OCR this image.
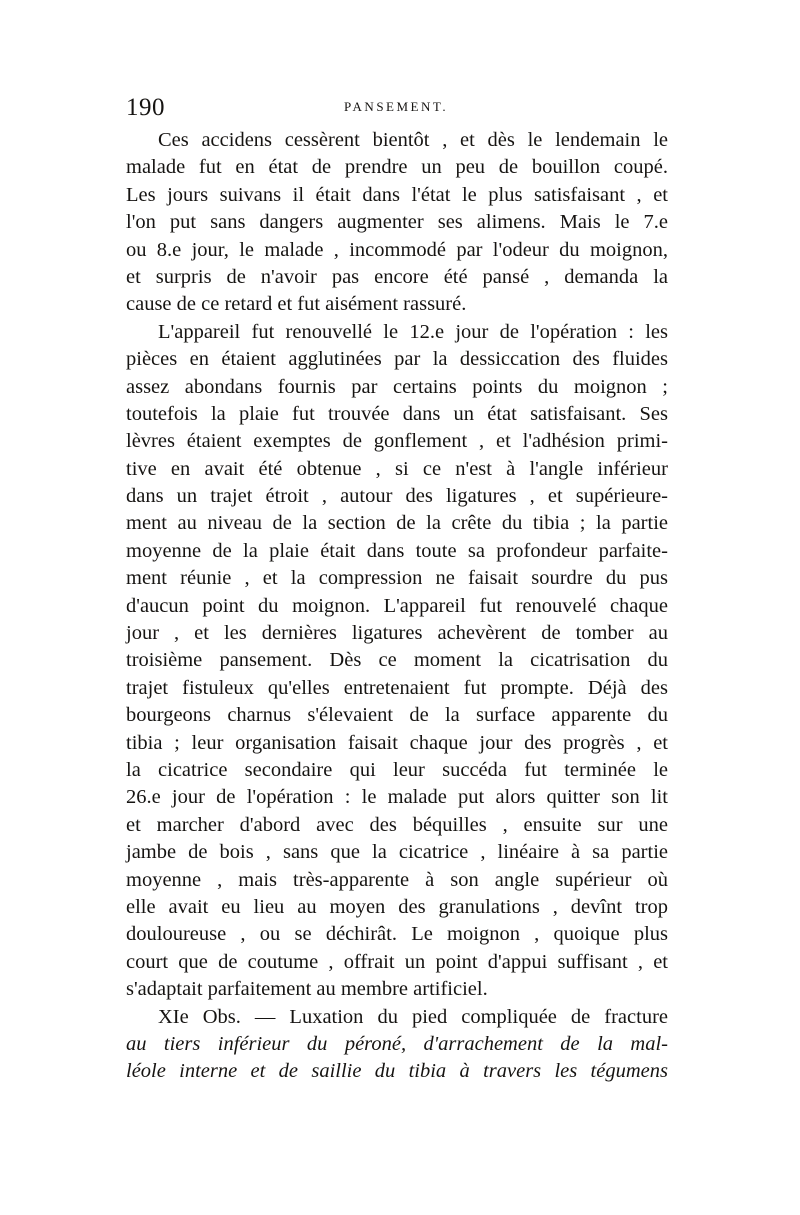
190	PANSEMENT.
Ces accidens cessèrent bientôt , et dès le lendemain le
malade fut en état de prendre un peu de bouillon coupé.
Les jours suivans il était dans l'état le plus satisfaisant , et
l'on put sans dangers augmenter ses alimens. Mais le 7.e
ou 8.e jour, le malade , incommodé par l'odeur du moignon,
et surpris de n'avoir pas encore été pansé , demanda la
cause de ce retard et fut aisément rassuré.
L'appareil fut renouvellé le 12.e jour de l'opération : les
pièces en étaient agglutinées par la dessiccation des fluides
assez abondans fournis par certains points du moignon ;
toutefois la plaie fut trouvée dans un état satisfaisant. Ses
lèvres étaient exemptes de gonflement , et l'adhésion primi-
tive en avait été obtenue , si ce n'est à l'angle inférieur
dans un trajet étroit , autour des ligatures , et supérieure-
ment au niveau de la section de la crête du tibia ; la partie
moyenne de la plaie était dans toute sa profondeur parfaite-
ment réunie , et la compression ne faisait sourdre du pus
d'aucun point du moignon. L'appareil fut renouvelé chaque
jour , et les dernières ligatures achevèrent de tomber au
troisième pansement. Dès ce moment la cicatrisation du
trajet fistuleux qu'elles entretenaient fut prompte. Déjà des
bourgeons charnus s'élevaient de la surface apparente du
tibia ; leur organisation faisait chaque jour des progrès , et
la cicatrice secondaire qui leur succéda fut terminée le
26.e jour de l'opération : le malade put alors quitter son lit
et marcher d'abord avec des béquilles , ensuite sur une
jambe de bois , sans que la cicatrice , linéaire à sa partie
moyenne , mais très-apparente à son angle supérieur où
elle avait eu lieu au moyen des granulations , devînt trop
douloureuse , ou se déchirât. Le moignon , quoique plus
court que de coutume , offrait un point d'appui suffisant , et
s'adaptait parfaitement au membre artificiel.
XIe Obs. — Luxation du pied compliquée de fracture
au tiers inférieur du péroné, d'arrachement de la mal-
léole interne et de saillie du tibia à travers les tégumens
